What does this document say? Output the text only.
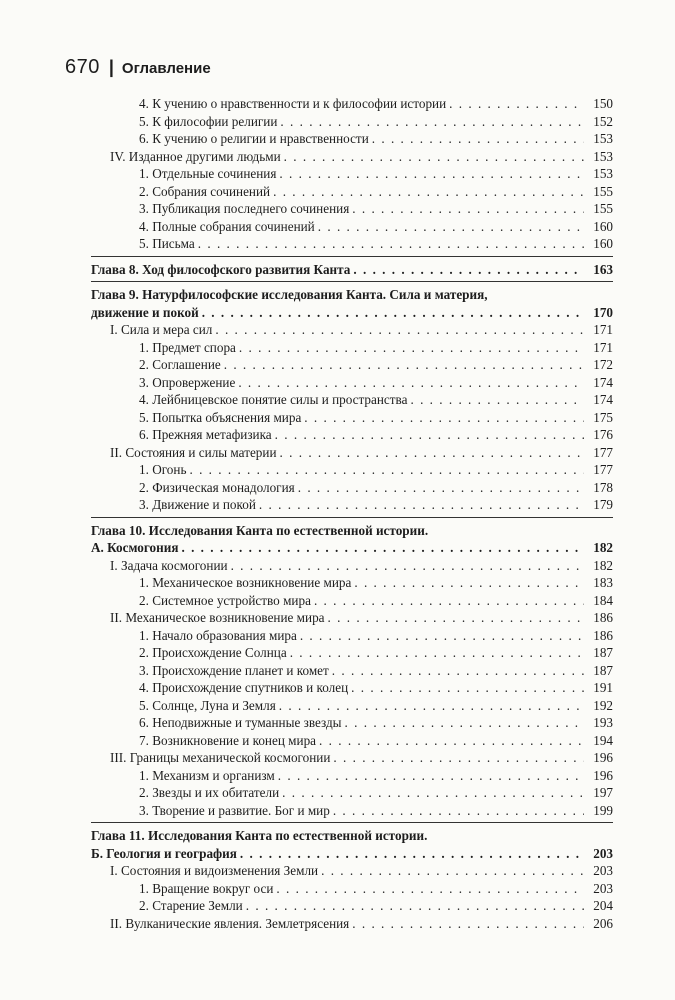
670 | Оглавление
4. К учению о нравственности и к философии истории . . .	150
5. К философии религии . . .	152
6. К учению о религии и нравственности . . .	153
IV. Изданное другими людьми . . .	153
1. Отдельные сочинения . . .	153
2. Собрания сочинений . . .	155
3. Публикация последнего сочинения . . .	155
4. Полные собрания сочинений . . .	160
5. Письма . . .	160
Глава 8. Ход философского развития Канта . . .	163
Глава 9. Натурфилософские исследования Канта. Сила и материя,
движение и покой . . .	170
I. Сила и мера сил . . .	171
1. Предмет спора . . .	171
2. Соглашение . . .	172
3. Опровержение . . .	174
4. Лейбницевское понятие силы и пространства . . .	174
5. Попытка объяснения мира . . .	175
6. Прежняя метафизика . . .	176
II. Состояния и силы материи . . .	177
1. Огонь . . .	177
2. Физическая монадология . . .	178
3. Движение и покой . . .	179
Глава 10. Исследования Канта по естественной истории.
А. Космогония . . .	182
I. Задача космогонии . . .	182
1. Механическое возникновение мира . . .	183
2. Системное устройство мира . . .	184
II. Механическое возникновение мира . . .	186
1. Начало образования мира . . .	186
2. Происхождение Солнца . . .	187
3. Происхождение планет и комет . . .	187
4. Происхождение спутников и колец . . .	191
5. Солнце, Луна и Земля . . .	192
6. Неподвижные и туманные звезды . . .	193
7. Возникновение и конец мира . . .	194
III. Границы механической космогонии . . .	196
1. Механизм и организм . . .	196
2. Звезды и их обитатели . . .	197
3. Творение и развитие. Бог и мир . . .	199
Глава 11. Исследования Канта по естественной истории.
Б. Геология и география . . .	203
I. Состояния и видоизменения Земли . . .	203
1. Вращение вокруг оси . . .	203
2. Старение Земли . . .	204
II. Вулканические явления. Землетрясения . . .	206
